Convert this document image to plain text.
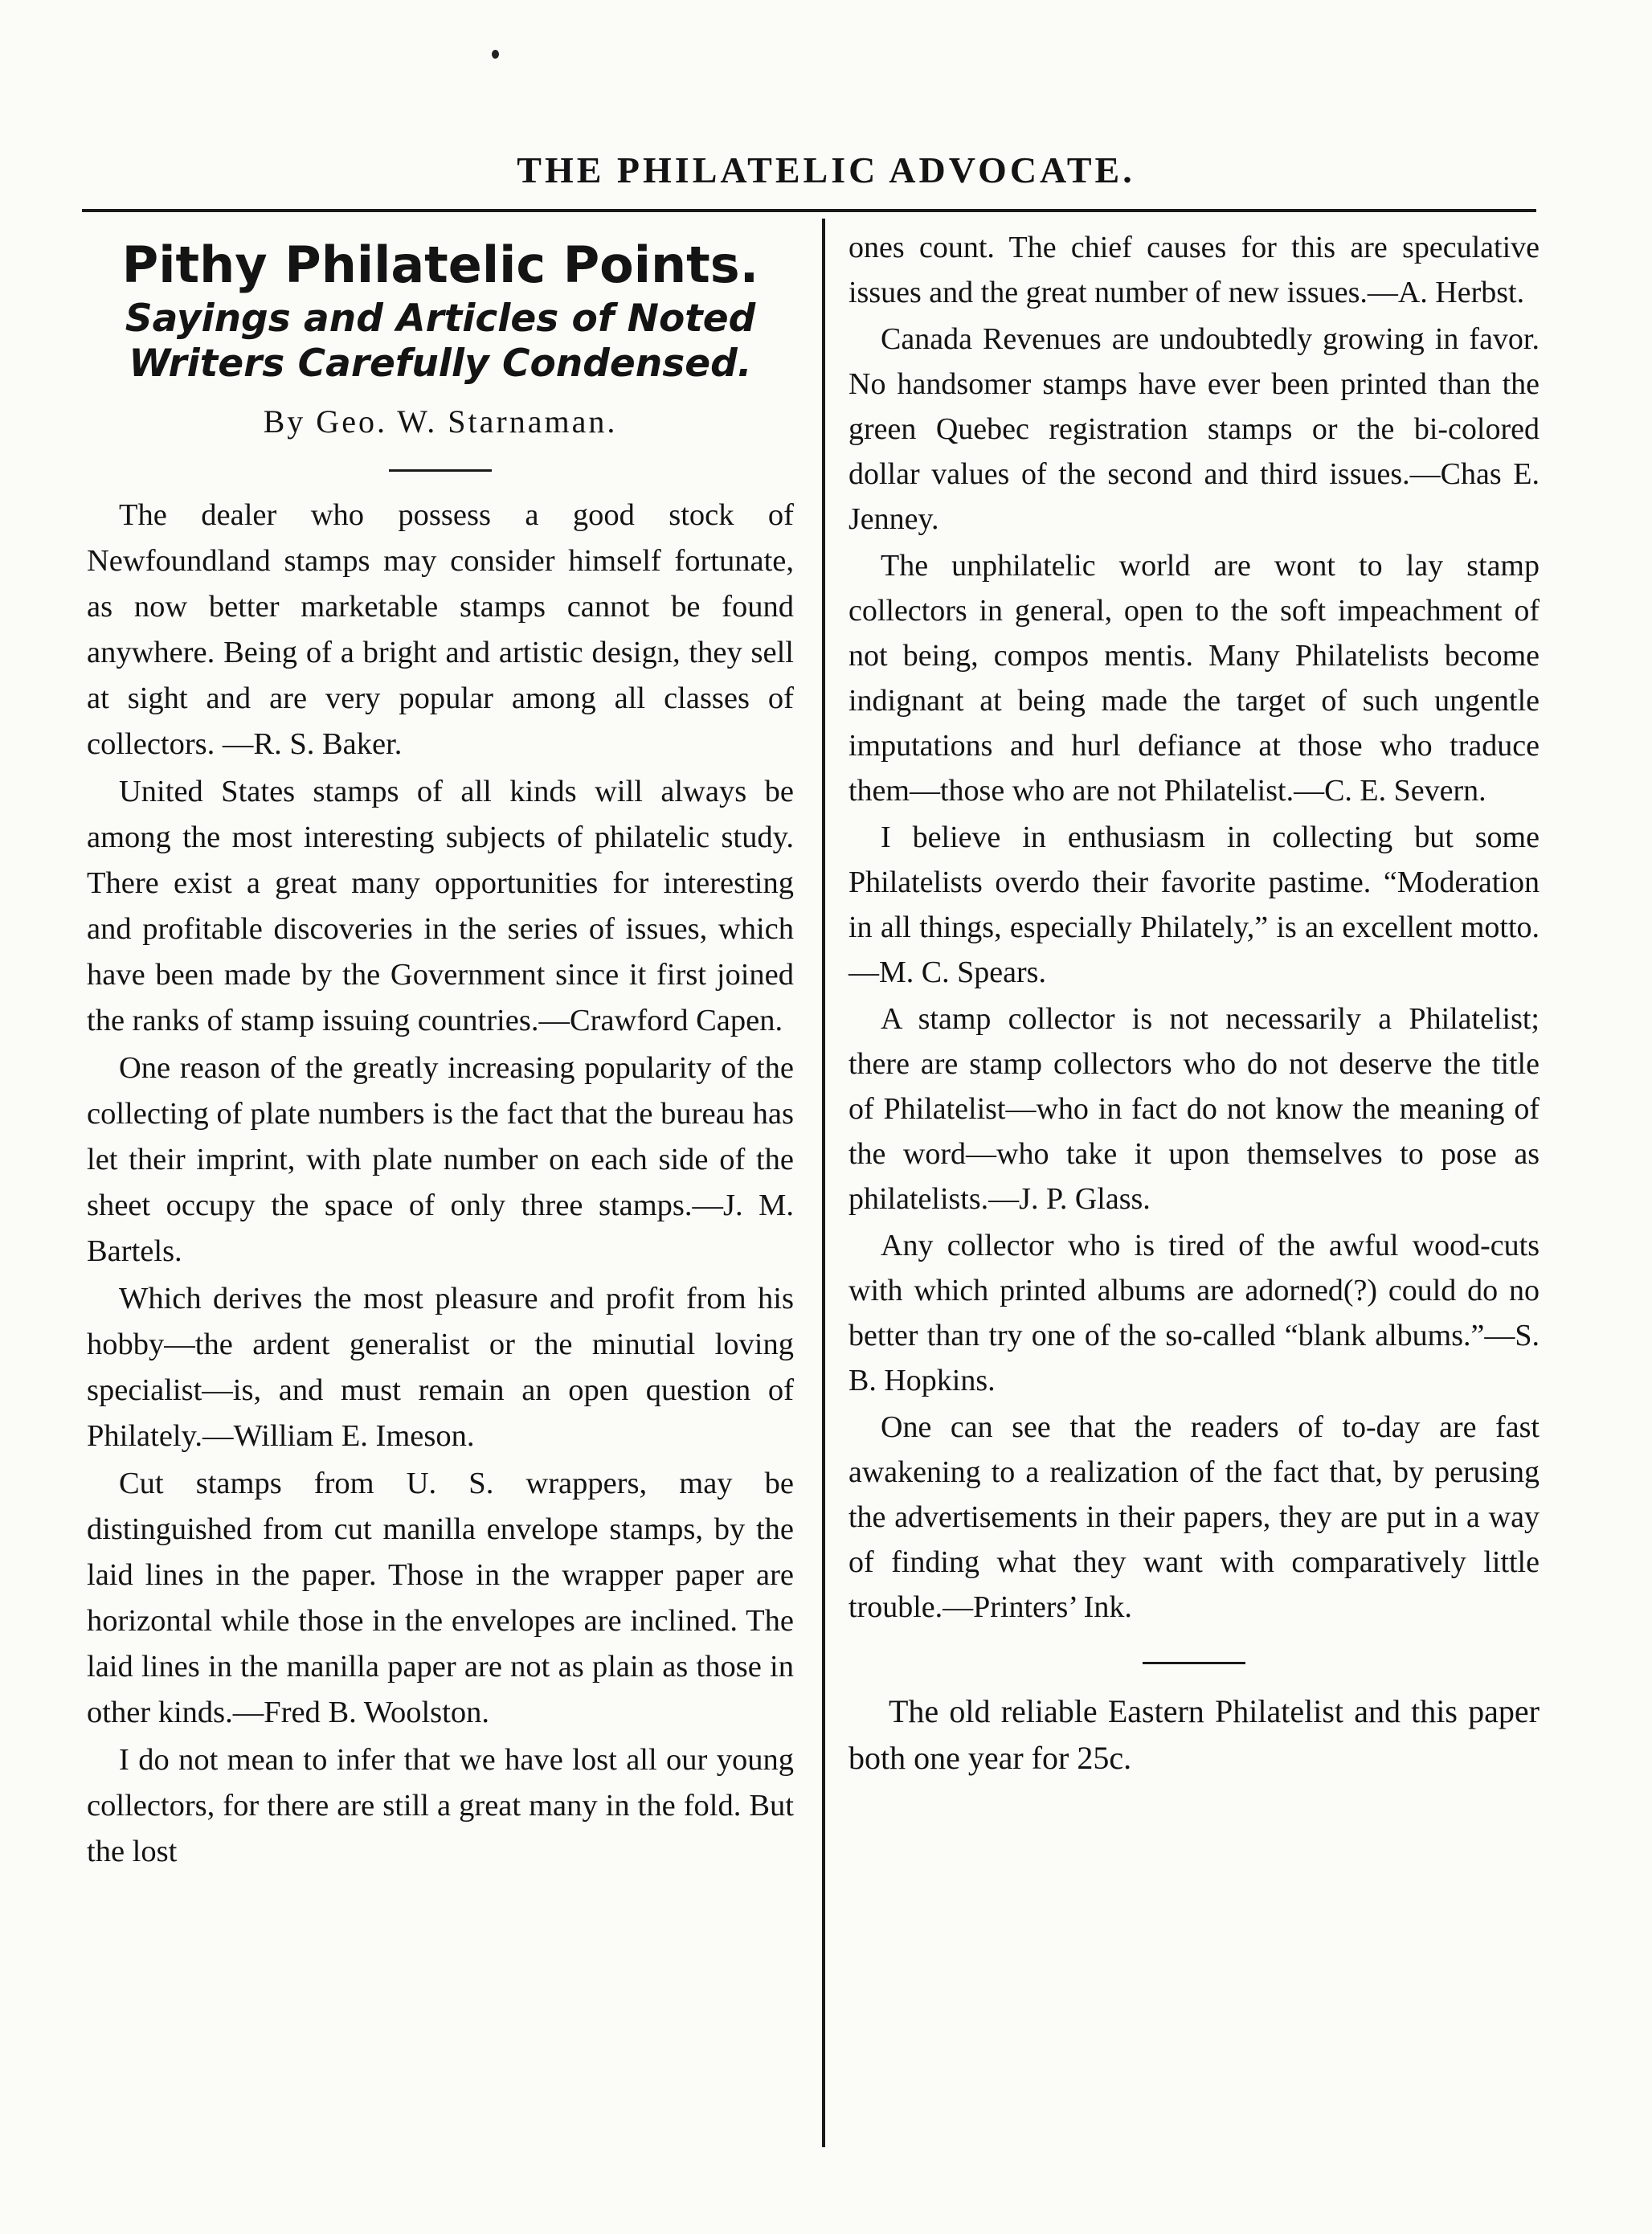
THE PHILATELIC ADVOCATE.
Pithy Philatelic Points.
Sayings and Articles of Noted
Writers Carefully Condensed.
By Geo. W. Starnaman.

The dealer who possess a good stock of Newfoundland stamps may consider himself fortunate, as now better marketable stamps cannot be found anywhere. Being of a bright and artistic design, they sell at sight and are very popular among all classes of collectors. —R. S. Baker.

United States stamps of all kinds will always be among the most interesting subjects of philatelic study. There exist a great many opportunities for interesting and profitable discoveries in the series of issues, which have been made by the Government since it first joined the ranks of stamp issuing countries.—Crawford Capen.

One reason of the greatly increasing popularity of the collecting of plate numbers is the fact that the bureau has let their imprint, with plate number on each side of the sheet occupy the space of only three stamps.—J. M. Bartels.

Which derives the most pleasure and profit from his hobby—the ardent generalist or the minutial loving specialist—is, and must remain an open question of Philately.—William E. Imeson.

Cut stamps from U. S. wrappers, may be distinguished from cut manilla envelope stamps, by the laid lines in the paper. Those in the wrapper paper are horizontal while those in the envelopes are inclined. The laid lines in the manilla paper are not as plain as those in other kinds.—Fred B. Woolston.

I do not mean to infer that we have lost all our young collectors, for there are still a great many in the fold. But the lost

ones count. The chief causes for this are speculative issues and the great number of new issues.—A. Herbst.

Canada Revenues are undoubtedly growing in favor. No handsomer stamps have ever been printed than the green Quebec registration stamps or the bi-colored dollar values of the second and third issues.—Chas E. Jenney.

The unphilatelic world are wont to lay stamp collectors in general, open to the soft impeachment of not being, compos mentis. Many Philatelists become indignant at being made the target of such ungentle imputations and hurl defiance at those who traduce them—those who are not Philatelist.—C. E. Severn.

I believe in enthusiasm in collecting but some Philatelists overdo their favorite pastime. “Moderation in all things, especially Philately,” is an excellent motto. —M. C. Spears.

A stamp collector is not necessarily a Philatelist; there are stamp collectors who do not deserve the title of Philatelist—who in fact do not know the meaning of the word—who take it upon themselves to pose as philatelists.—J. P. Glass.

Any collector who is tired of the awful wood-cuts with which printed albums are adorned(?) could do no better than try one of the so-called “blank albums.”—S. B. Hopkins.

One can see that the readers of to-day are fast awakening to a realization of the fact that, by perusing the advertisements in their papers, they are put in a way of finding what they want with comparatively little trouble.—Printers’ Ink.

The old reliable Eastern Philatelist and this paper both one year for 25c.
